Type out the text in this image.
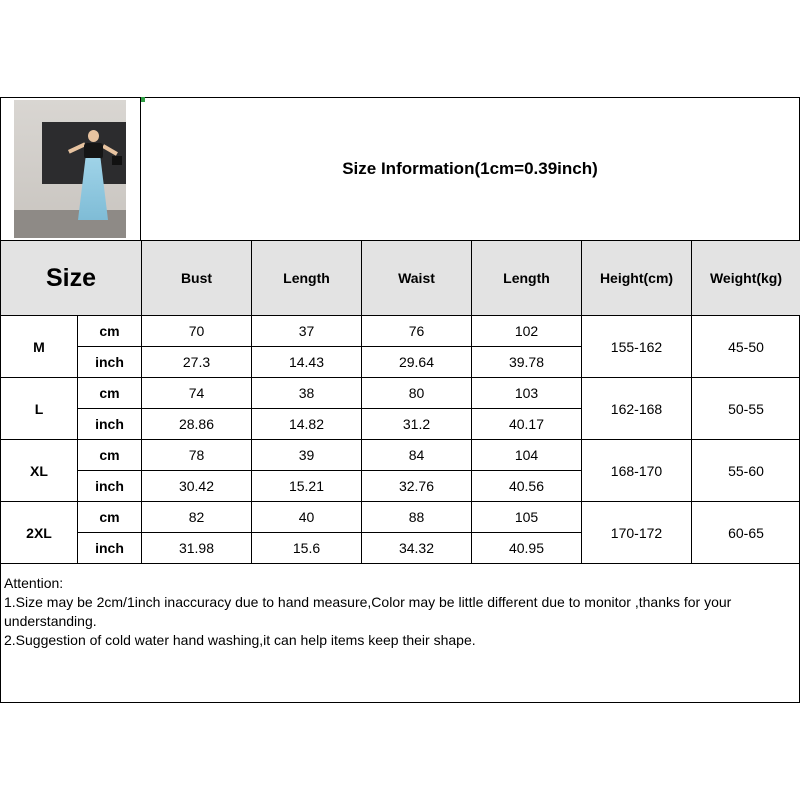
Size Information(1cm=0.39inch)
Size		Bust	Length	Waist	Length	Height(cm)	Weight(kg)
M	cm	70	37	76	102	155-162	45-50
	inch	27.3	14.43	29.64	39.78		
L	cm	74	38	80	103	162-168	50-55
	inch	28.86	14.82	31.2	40.17		
XL	cm	78	39	84	104	168-170	55-60
	inch	30.42	15.21	32.76	40.56		
2XL	cm	82	40	88	105	170-172	60-65
	inch	31.98	15.6	34.32	40.95		
Attention:
1.Size may be 2cm/1inch inaccuracy due to hand measure,Color may be little different due to monitor ,thanks for your understanding.
2.Suggestion of cold water hand washing,it can help items keep their shape.
